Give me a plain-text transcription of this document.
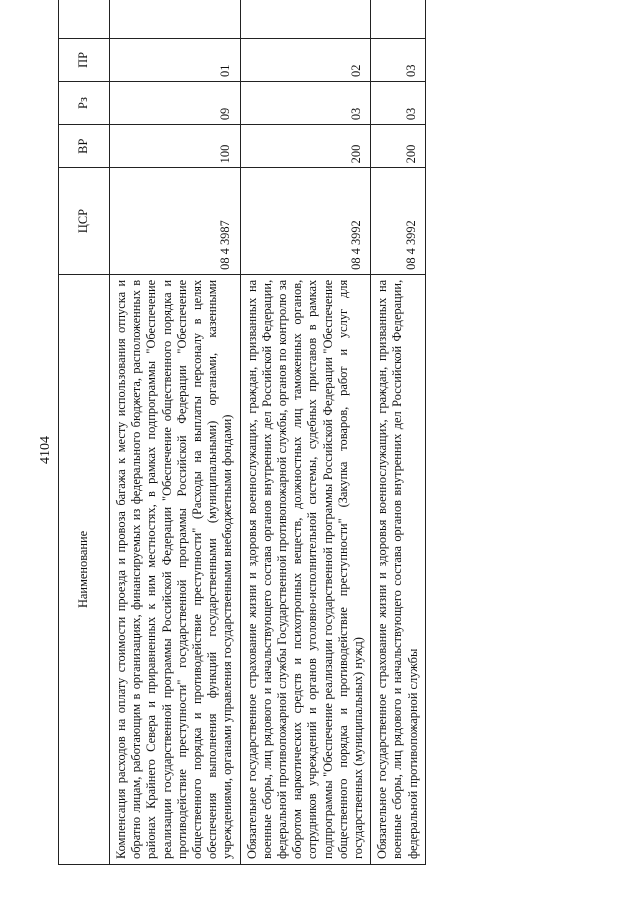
4104
Наименование	ЦСР	ВР	Рз	ПР	
Компенсация расходов на оплату стоимости проезда и провоза багажа к месту использования отпуска и обратно лицам, работающим в организациях, финансируемых из федерального бюджета, расположенных в районах Крайнего Севера и приравненных к ним местностях, в рамках подпрограммы "Обеспечение реализации государственной программы Российской Федерации "Обеспечение общественного порядка и противодействие преступности" государственной программы Российской Федерации "Обеспечение общественного порядка и противодействие преступности" (Расходы на выплаты персоналу в целях обеспечения выполнения функций государственными (муниципальными) органами, казенными учреждениями, органами управления государственными внебюджетными фондами)	08 4 3987	100	09	01	
Обязательное государственное страхование жизни и здоровья военнослужащих, граждан, призванных на военные сборы, лиц рядового и начальствующего состава органов внутренних дел Российской Федерации, федеральной противопожарной службы Государственной противопожарной службы, органов по контролю за оборотом наркотических средств и психотропных веществ, должностных лиц таможенных органов, сотрудников учреждений и органов уголовно-исполнительной системы, судебных приставов в рамках подпрограммы "Обеспечение реализации государственной программы Российской Федерации "Обеспечение общественного порядка и противодействие преступности" (Закупка товаров, работ и услуг для государственных (муниципальных) нужд)	08 4 3992	200	03	02	
Обязательное государственное страхование жизни и здоровья военнослужащих, граждан, призванных на военные сборы, лиц рядового и начальствующего состава органов внутренних дел Российской Федерации, федеральной противопожарной службы	08 4 3992	200	03	03	
